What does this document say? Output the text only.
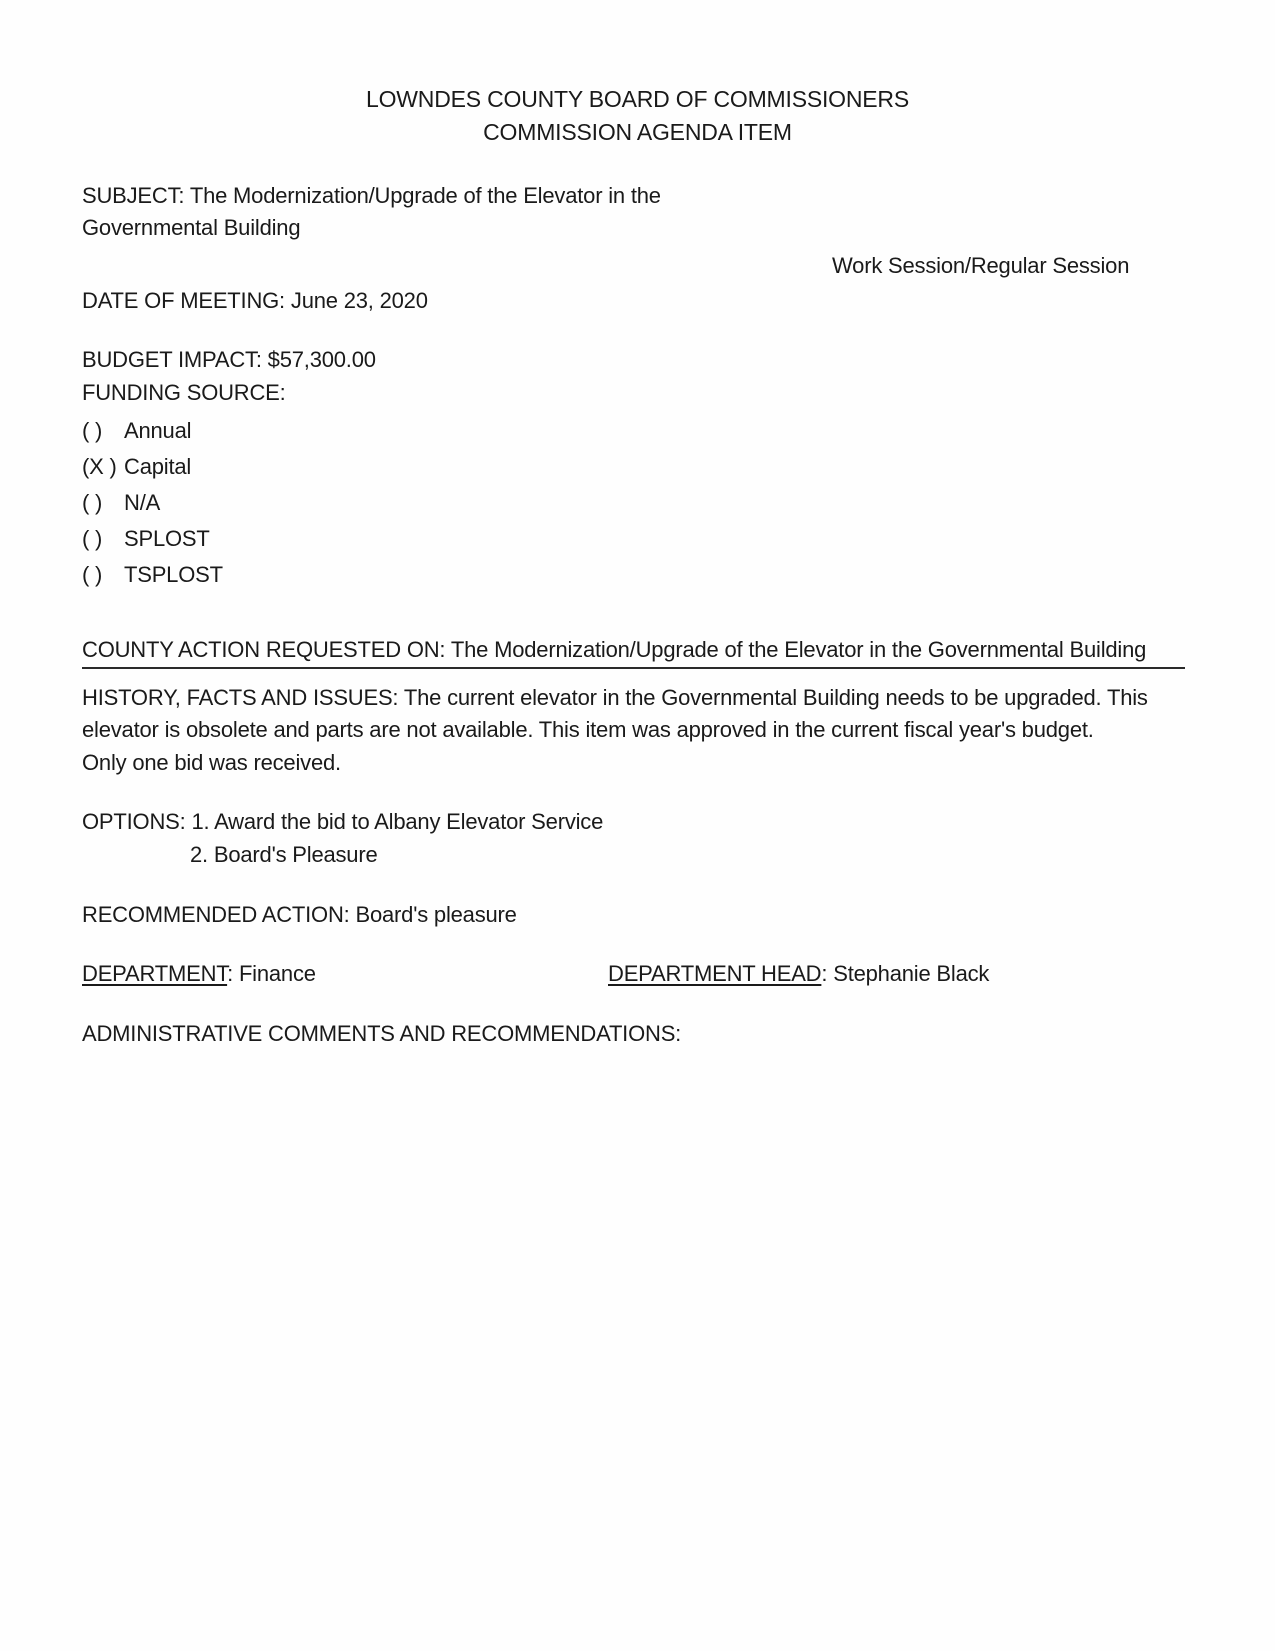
LOWNDES COUNTY BOARD OF COMMISSIONERS
COMMISSION AGENDA ITEM
SUBJECT: The Modernization/Upgrade of the Elevator in the
Governmental Building
Work Session/Regular Session
DATE OF MEETING: June 23, 2020
BUDGET IMPACT: $57,300.00
FUNDING SOURCE:
( ) Annual
(X ) Capital
( ) N/A
( ) SPLOST
( ) TSPLOST
COUNTY ACTION REQUESTED ON: The Modernization/Upgrade of the Elevator in the Governmental Building
HISTORY, FACTS AND ISSUES: The current elevator in the Governmental Building needs to be upgraded. This
elevator is obsolete and parts are not available. This item was approved in the current fiscal year's budget.
Only one bid was received.
OPTIONS: 1. Award the bid to Albany Elevator Service
2. Board's Pleasure
RECOMMENDED ACTION: Board's pleasure
DEPARTMENT: Finance	DEPARTMENT HEAD: Stephanie Black
ADMINISTRATIVE COMMENTS AND RECOMMENDATIONS:
